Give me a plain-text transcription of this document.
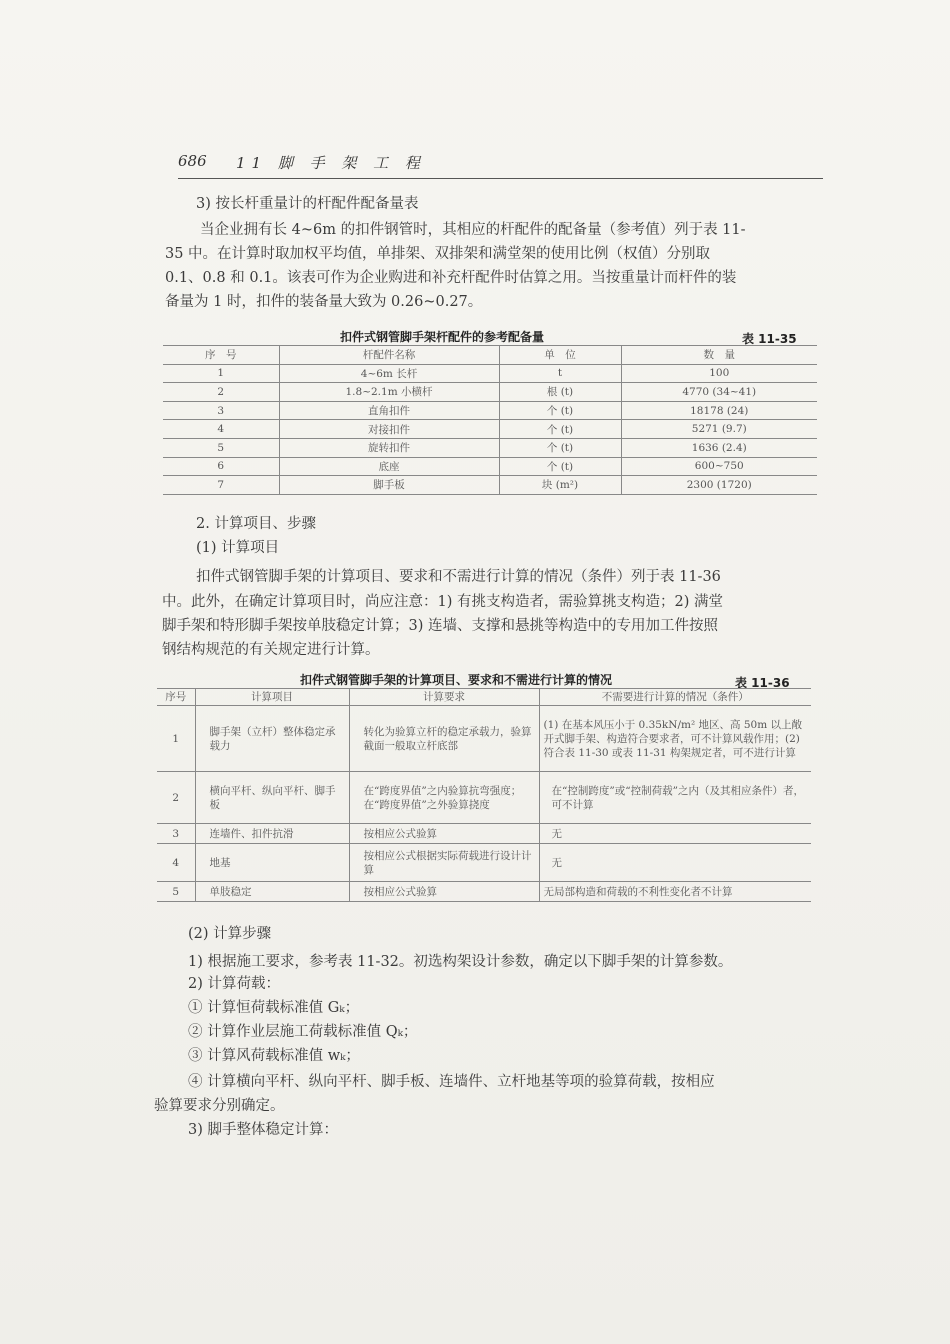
686 11 脚 手 架 工 程
3) 按长杆重量计的杆配件配备量表
当企业拥有长 4~6m 的扣件钢管时，其相应的杆配件的配备量（参考值）列于表 11-
35 中。在计算时取加权平均值，单排架、双排架和满堂架的使用比例（权值）分别取
0.1、0.8 和 0.1。该表可作为企业购进和补充杆配件时估算之用。当按重量计而杆件的装
备量为 1 时，扣件的装备量大致为 0.26~0.27。
扣件式钢管脚手架杆配件的参考配备量	表 11-35
序　号	杆配件名称	单　位	数　量
1	4~6m 长杆	t	100
2	1.8~2.1m 小横杆	根 (t)	4770 (34~41)
3	直角扣件	个 (t)	18178 (24)
4	对接扣件	个 (t)	5271 (9.7)
5	旋转扣件	个 (t)	1636 (2.4)
6	底座	个 (t)	600~750
7	脚手板	块 (m²)	2300 (1720)
2. 计算项目、步骤
(1) 计算项目
扣件式钢管脚手架的计算项目、要求和不需进行计算的情况（条件）列于表 11-36
中。此外，在确定计算项目时，尚应注意：1) 有挑支构造者，需验算挑支构造；2) 满堂
脚手架和特形脚手架按单肢稳定计算；3) 连墙、支撑和悬挑等构造中的专用加工件按照
钢结构规范的有关规定进行计算。
扣件式钢管脚手架的计算项目、要求和不需进行计算的情况	表 11-36
序号	计算项目	计算要求	不需要进行计算的情况（条件）
1	脚手架（立杆）整体稳定承载力	转化为验算立杆的稳定承载力，验算截面一般取立杆底部	(1) 在基本风压小于 0.35kN/m² 地区、高 50m 以上敞开式脚手架、构造符合要求者，可不计算风载作用；(2) 符合表 11-30 或表 11-31 构架规定者，可不进行计算
2	横向平杆、纵向平杆、脚手板	在“跨度界值”之内验算抗弯强度；在“跨度界值”之外验算挠度	在“控制跨度”或“控制荷载”之内（及其相应条件）者，可不计算
3	连墙件、扣件抗滑	按相应公式验算	无
4	地基	按相应公式根据实际荷载进行设计计算	无
5	单肢稳定	按相应公式验算	无局部构造和荷载的不利性变化者不计算
(2) 计算步骤
1) 根据施工要求，参考表 11-32。初选构架设计参数，确定以下脚手架的计算参数。
2) 计算荷载：
① 计算恒荷载标准值 Gₖ；
② 计算作业层施工荷载标准值 Qₖ；
③ 计算风荷载标准值 wₖ；
④ 计算横向平杆、纵向平杆、脚手板、连墙件、立杆地基等项的验算荷载，按相应
验算要求分别确定。
3) 脚手整体稳定计算：
